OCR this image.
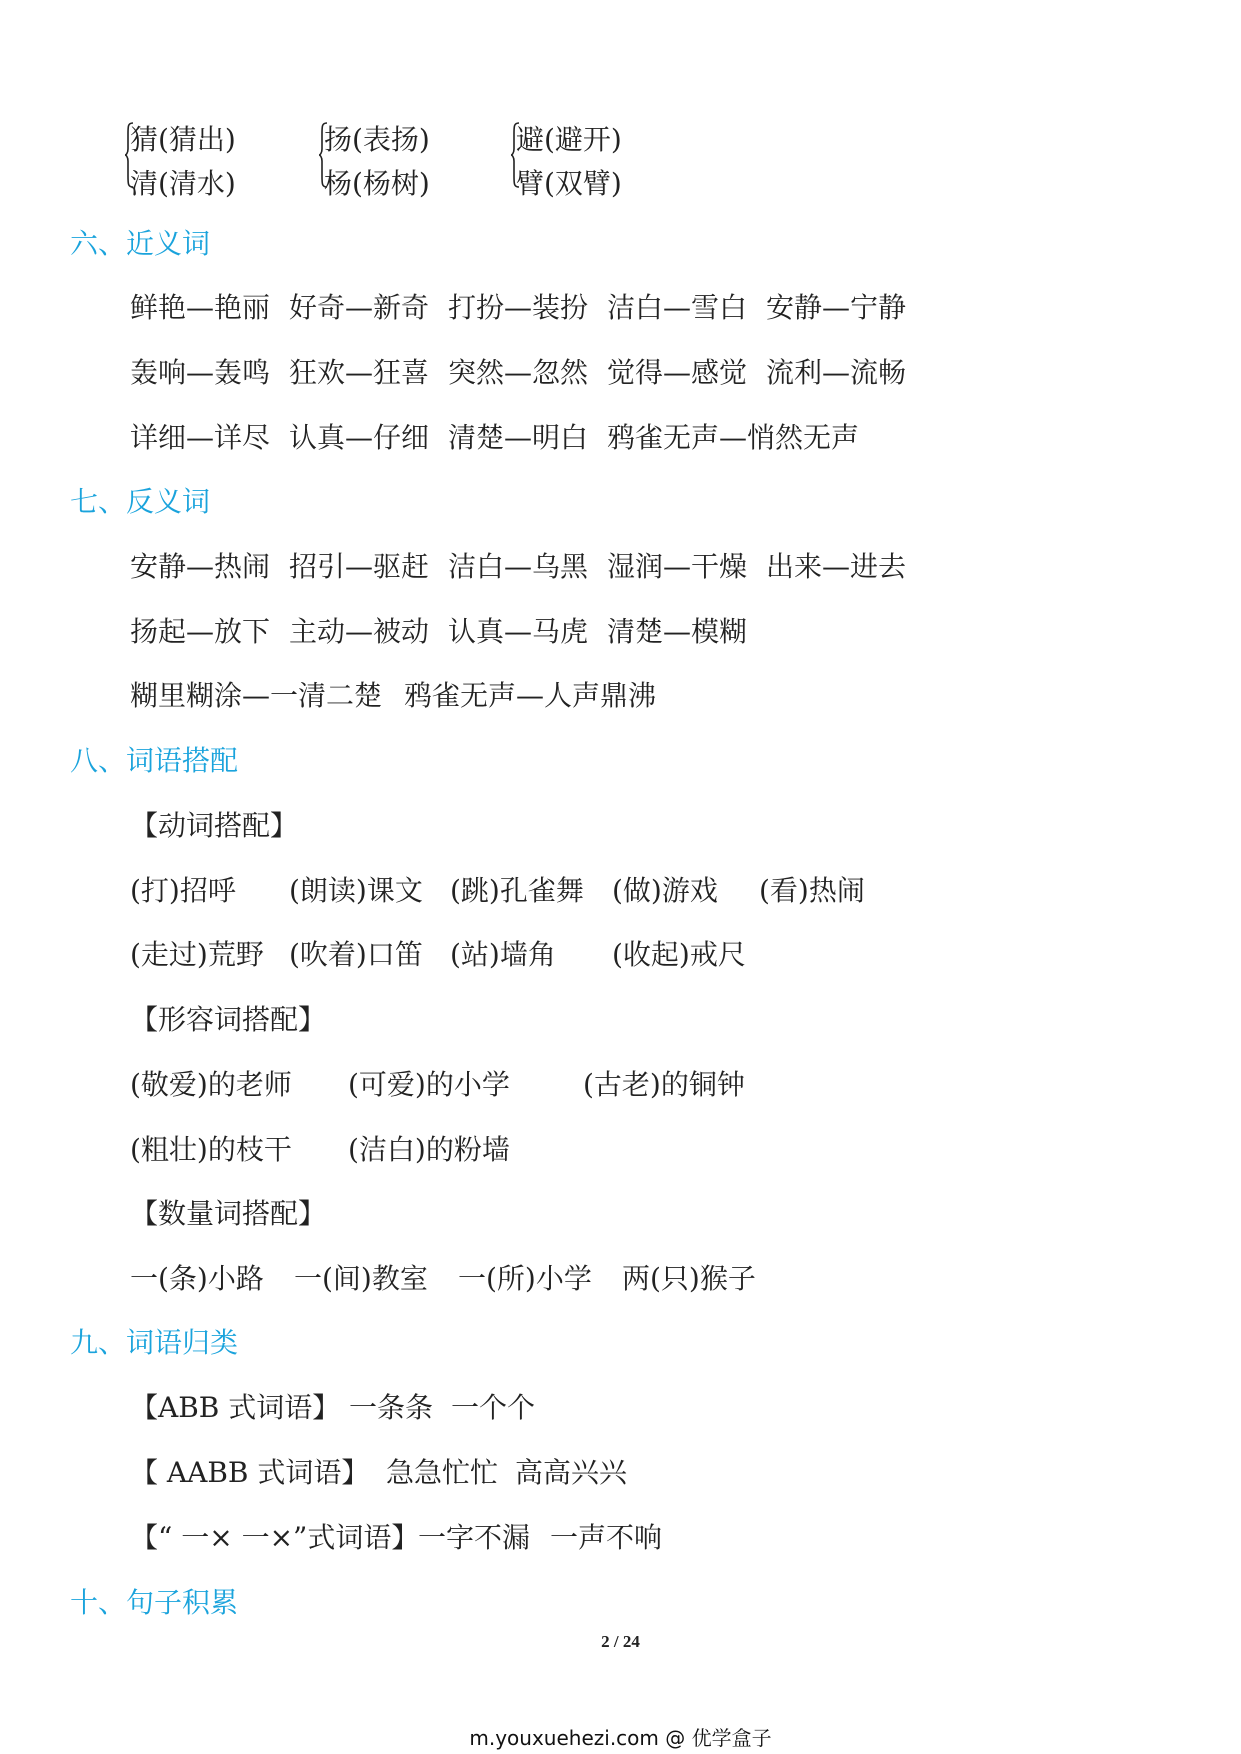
猜(猜出)
清(清水)
扬(表扬)
杨(杨树)
避(避开)
臂(双臂)
六、近义词
鲜艳—艳丽 好奇—新奇 打扮—装扮 洁白—雪白 安静—宁静
轰响—轰鸣 狂欢—狂喜 突然—忽然 觉得—感觉 流利—流畅
详细—详尽 认真—仔细 清楚—明白 鸦雀无声—悄然无声
七、反义词
安静—热闹 招引—驱赶 洁白—乌黑 湿润—干燥 出来—进去
扬起—放下 主动—被动 认真—马虎 清楚—模糊
糊里糊涂—一清二楚 鸦雀无声—人声鼎沸
八、词语搭配
【动词搭配】
(打)招呼 (朗读)课文 (跳)孔雀舞 (做)游戏 (看)热闹
(走过)荒野 (吹着)口笛 (站)墙角 (收起)戒尺
【形容词搭配】
(敬爱)的老师 (可爱)的小学	(古老)的铜钟
(粗壮)的枝干 (洁白)的粉墙
【数量词搭配】
一(条)小路 一(间)教室 一(所)小学 两(只)猴子
九、词语归类
【ABB 式词语】 一条条 一个个
【 AABB 式词语】 急急忙忙 高高兴兴
【“ 一× 一×”式词语】
一字不漏 一声不响
十、句子积累
2 / 24
m.youxuehezi.com @ 优学盒子
